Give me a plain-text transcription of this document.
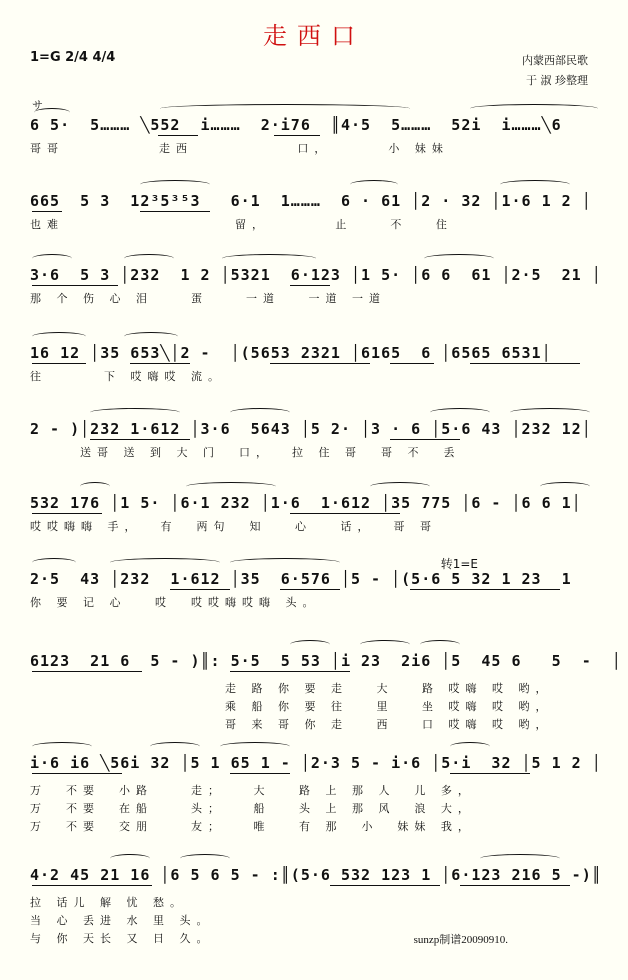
走西口
1=G 2/4 4/4	内蒙西部民歌
于 淑 珍整理
サ
6 5·  5……… ╲552  i………  2·i76  ║4·5  5………  52i  i………╲6
哥哥          走西           口，      小 妹妹
665  5 3  12³5³⁵3   6·1  1………  6 · 61 │2 · 32 │1·6 1 2 │
也难                  留，       止    不   住
3·6  5 3 │232  1 2 │5321  6·123 │1 5· │6 6  61 │2·5  21 │
那 个 伤 心 泪    蛋    一道   一道 一道
16 12 │35 653╲│2 -  │(5653 2321 │6165  6 │6565 6531│
往      下 哎嗨哎 流。
2 - )│232 1·612 │3·6  5643 │5 2· │3 · 6 │5·6 43 │232 12│
送哥 送 到 大 门  口，  拉 住 哥  哥 不  丢
532 176 │1 5· │6·1 232 │1·6  1·612 │35 775 │6 - │6 6 1│
哎哎嗨嗨 手，  有  两句  知   心   话，  哥 哥
转1=E
2·5  43 │232  1·612 │35  6·576 │5 - │(5·6 5 32 1 23  1
你 要 记 心   哎  哎哎嗨哎嗨 头。
6123  21 6  5 - )║: 5·5  5 53 │i 23  2i6 │5  45 6   5  -  │
走 路 你 要 走   大   路 哎嗨 哎 哟，
乘 船 你 要 往   里   坐 哎嗨 哎 哟，
哥 来 哥 你 走   西   口 哎嗨 哎 哟，
i·6 i6 ╲56i 32 │5 1 65 1 - │2·3 5 - i·6 │5·i  32 │5 1 2 │
万  不要  小路    走；   大   路 上 那 人  儿 多，
万  不要  在船    头；   船   头 上 那 风  浪 大，
万  不要  交朋    友；   唯   有 那  小  妹妹 我，
4·2 45 21 16 │6 5 6 5 - :║(5·6 532 123 1 │6·123 216 5 -)║
拉 话儿 解 忧 愁。
当 心 丢进 水 里 头。
与 你 天长 又 日 久。	sunzp制谱20090910.
